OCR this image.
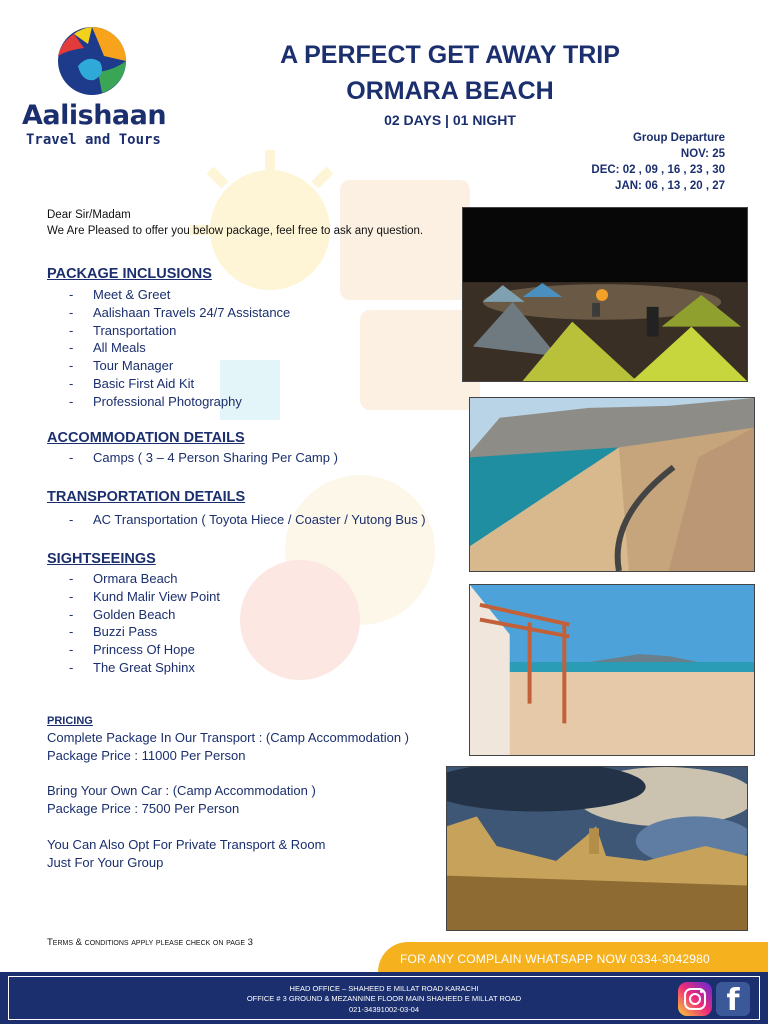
Aalishaan
Travel and Tours
A PERFECT GET AWAY TRIP
ORMARA BEACH
02 DAYS | 01 NIGHT
Group Departure
NOV: 25
DEC: 02 , 09 , 16 , 23 , 30
JAN: 06 , 13 , 20 , 27
Dear Sir/Madam
We Are Pleased to offer you below package, feel free to ask any question.
PACKAGE INCLUSIONS
- Meet & Greet
- Aalishaan Travels 24/7 Assistance
- Transportation
- All Meals
- Tour Manager
- Basic First Aid Kit
- Professional Photography
ACCOMMODATION DETAILS
- Camps ( 3 – 4 Person Sharing Per Camp )
TRANSPORTATION DETAILS
- AC Transportation ( Toyota Hiece / Coaster / Yutong Bus )
SIGHTSEEINGS
- Ormara Beach
- Kund Malir View Point
- Golden Beach
- Buzzi Pass
- Princess Of Hope
- The Great Sphinx
PRICING
Complete Package In Our Transport : (Camp Accommodation )
Package Price : 11000 Per Person
Bring Your Own Car : (Camp Accommodation )
Package Price : 7500 Per Person
You Can Also Opt For Private Transport & Room
Just For Your Group
Terms & conditions apply please check on page 3
FOR ANY COMPLAIN WHATSAPP NOW 0334-3042980
HEAD OFFICE – SHAHEED E MILLAT ROAD KARACHI
OFFICE # 3 GROUND & MEZANNINE FLOOR MAIN SHAHEED E MILLAT ROAD
021-34391002-03-04	f
